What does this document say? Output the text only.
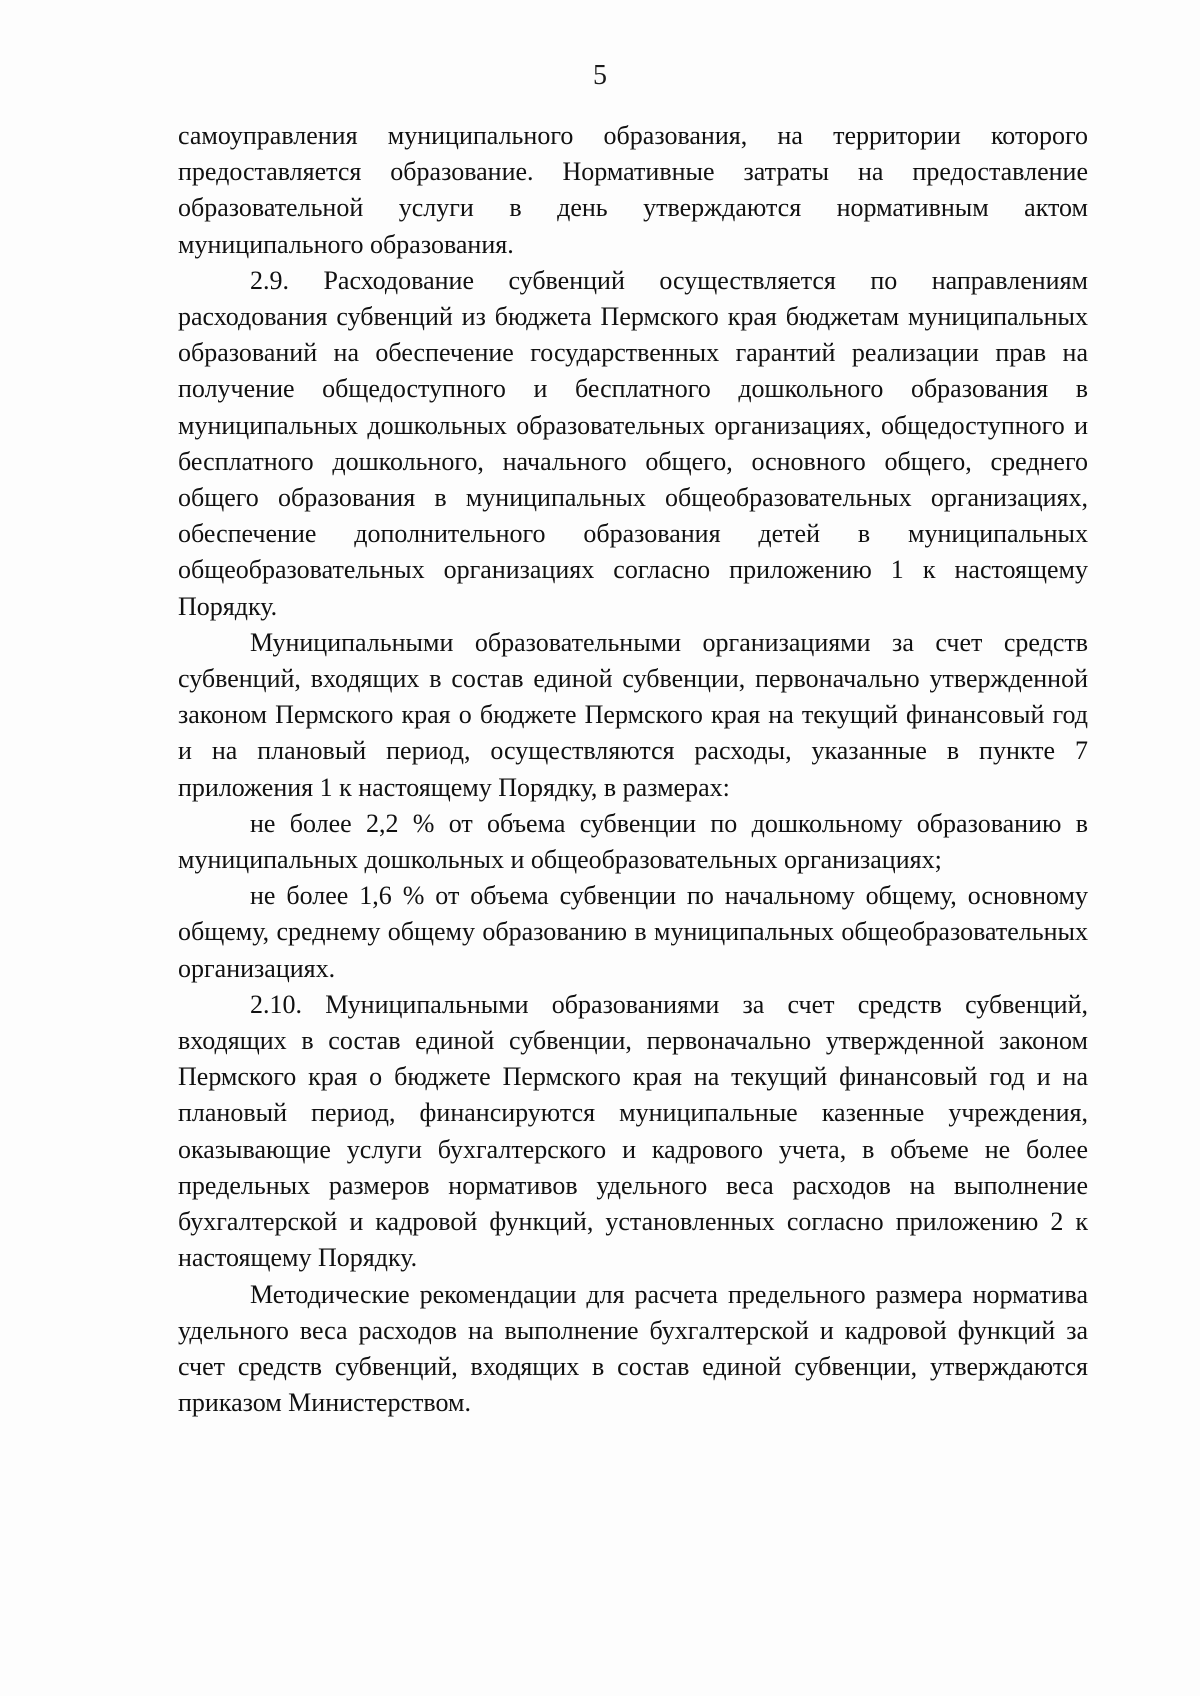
5

самоуправления муниципального образования, на территории которого предоставляется образование. Нормативные затраты на предоставление образовательной услуги в день утверждаются нормативным актом муниципального образования.

2.9. Расходование субвенций осуществляется по направлениям расходования субвенций из бюджета Пермского края бюджетам муниципальных образований на обеспечение государственных гарантий реализации прав на получение общедоступного и бесплатного дошкольного образования в муниципальных дошкольных образовательных организациях, общедоступного и бесплатного дошкольного, начального общего, основного общего, среднего общего образования в муниципальных общеобразовательных организациях, обеспечение дополнительного образования детей в муниципальных общеобразовательных организациях согласно приложению 1 к настоящему Порядку.

Муниципальными образовательными организациями за счет средств субвенций, входящих в состав единой субвенции, первоначально утвержденной законом Пермского края о бюджете Пермского края на текущий финансовый год и на плановый период, осуществляются расходы, указанные в пункте 7 приложения 1 к настоящему Порядку, в размерах:

не более 2,2 % от объема субвенции по дошкольному образованию в муниципальных дошкольных и общеобразовательных организациях;

не более 1,6 % от объема субвенции по начальному общему, основному общему, среднему общему образованию в муниципальных общеобразовательных организациях.

2.10. Муниципальными образованиями за счет средств субвенций, входящих в состав единой субвенции, первоначально утвержденной законом Пермского края о бюджете Пермского края на текущий финансовый год и на плановый период, финансируются муниципальные казенные учреждения, оказывающие услуги бухгалтерского и кадрового учета, в объеме не более предельных размеров нормативов удельного веса расходов на выполнение бухгалтерской и кадровой функций, установленных согласно приложению 2 к настоящему Порядку.

Методические рекомендации для расчета предельного размера норматива удельного веса расходов на выполнение бухгалтерской и кадровой функций за счет средств субвенций, входящих в состав единой субвенции, утверждаются приказом Министерством.
